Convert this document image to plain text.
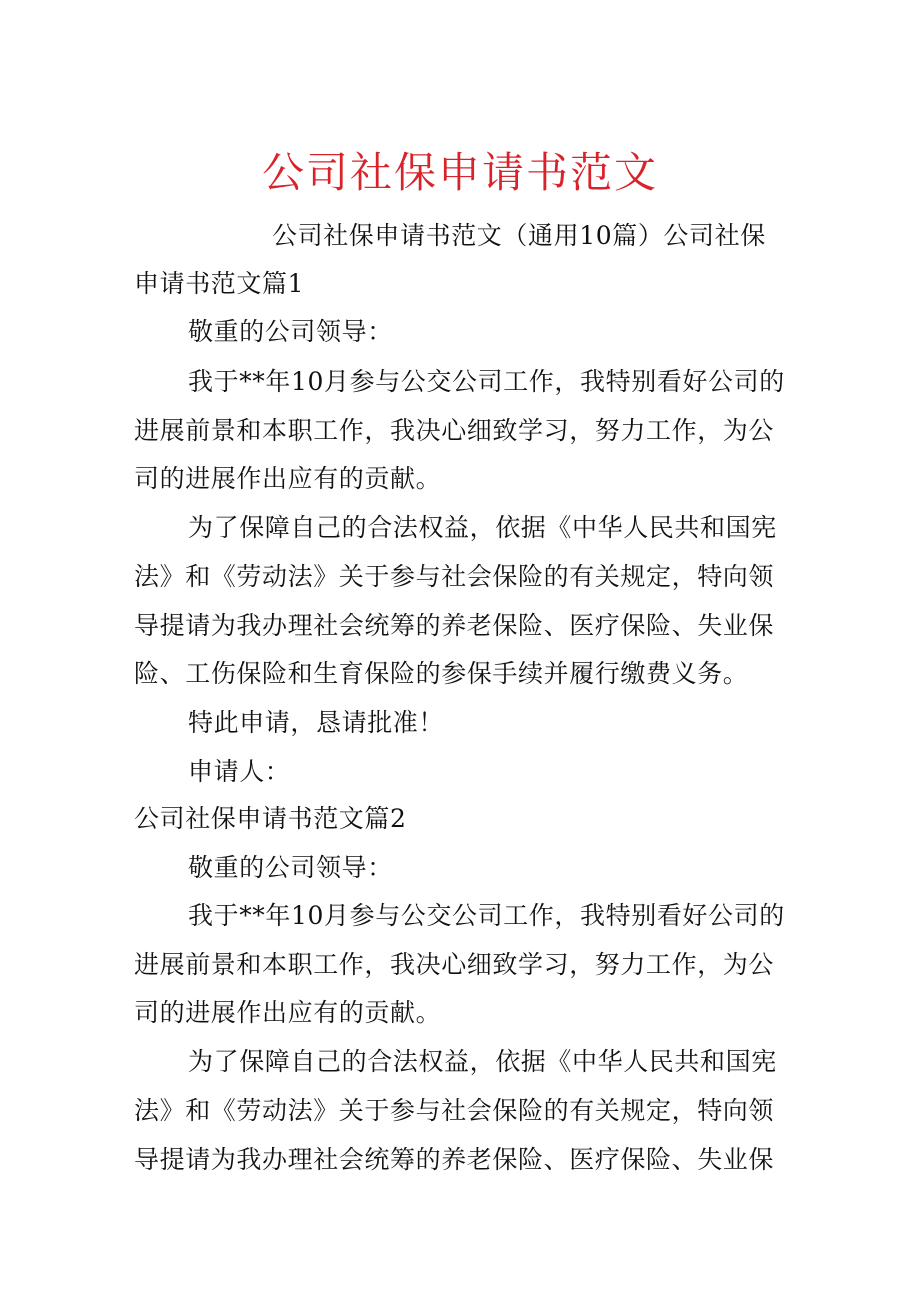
公司社保申请书范文
公司社保申请书范文（通用10篇）公司社保
申请书范文篇1
敬重的公司领导：
我于**年10月参与公交公司工作，我特别看好公司的
进展前景和本职工作，我决心细致学习，努力工作，为公
司的进展作出应有的贡献。
为了保障自己的合法权益，依据《中华人民共和国宪
法》和《劳动法》关于参与社会保险的有关规定，特向领
导提请为我办理社会统筹的养老保险、医疗保险、失业保
险、工伤保险和生育保险的参保手续并履行缴费义务。
特此申请，恳请批准！
申请人：
公司社保申请书范文篇2
敬重的公司领导：
我于**年10月参与公交公司工作，我特别看好公司的
进展前景和本职工作，我决心细致学习，努力工作，为公
司的进展作出应有的贡献。
为了保障自己的合法权益，依据《中华人民共和国宪
法》和《劳动法》关于参与社会保险的有关规定，特向领
导提请为我办理社会统筹的养老保险、医疗保险、失业保
